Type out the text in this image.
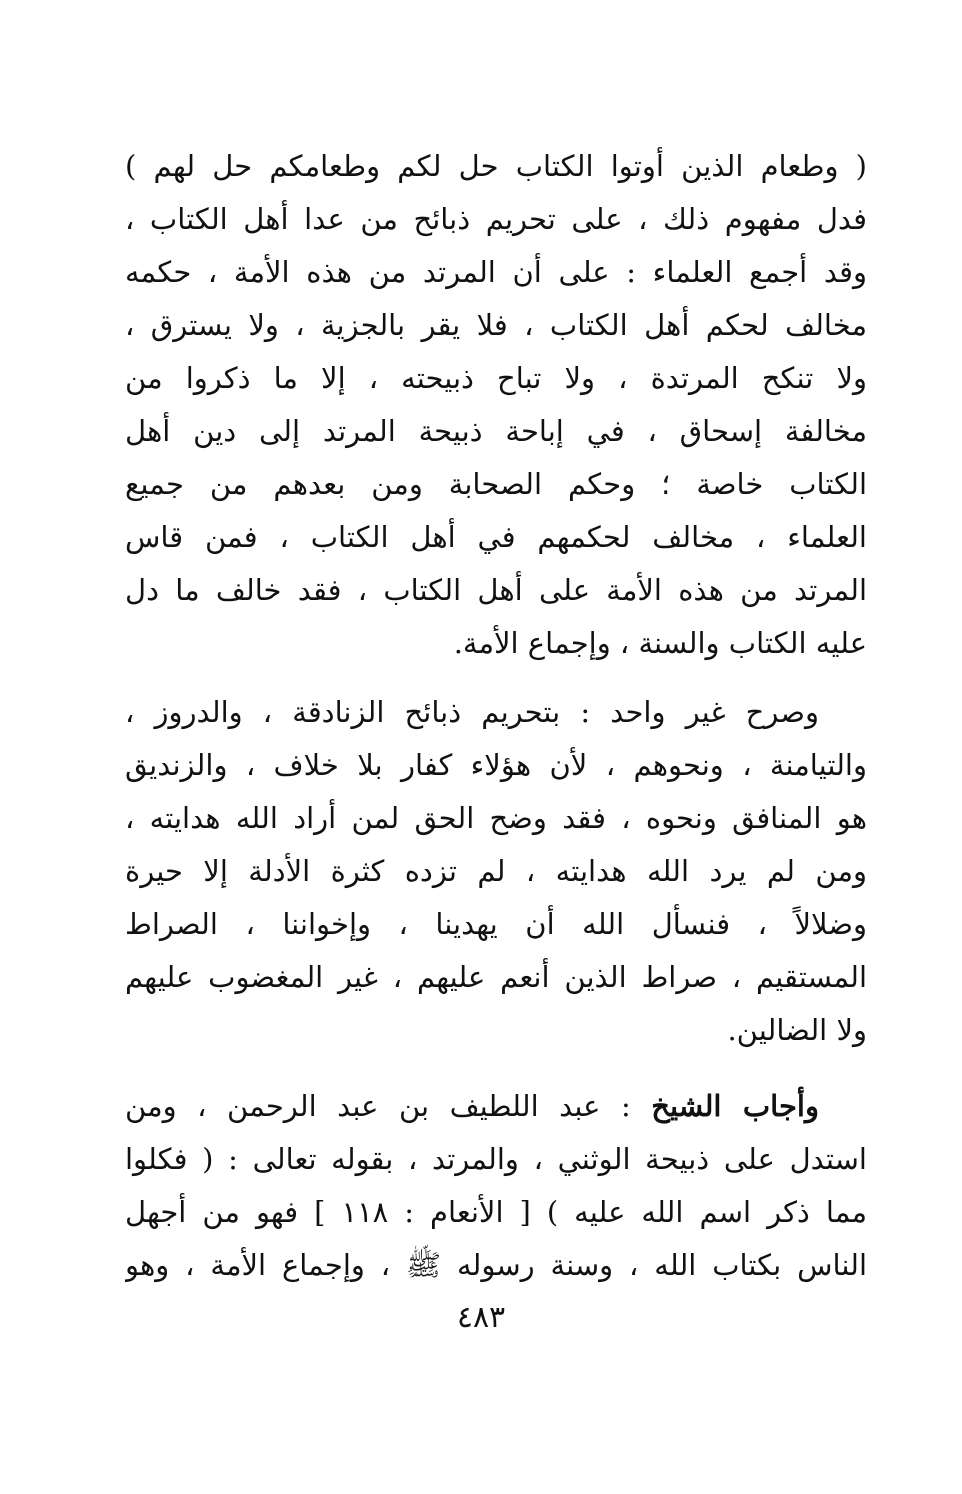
( وطعام الذين أوتوا الكتاب حل لكم وطعامكم حل لهم )
فدل مفهوم ذلك ، على تحريم ذبائح من عدا أهل الكتاب ،
وقد أجمع العلماء : على أن المرتد من هذه الأمة ، حكمه
مخالف لحكم أهل الكتاب ، فلا يقر بالجزية ، ولا يسترق ،
ولا تنكح المرتدة ، ولا تباح ذبيحته ، إلا ما ذكروا من
مخالفة إسحاق ، في إباحة ذبيحة المرتد إلى دين أهل
الكتاب خاصة ؛ وحكم الصحابة ومن بعدهم من جميع
العلماء ، مخالف لحكمهم في أهل الكتاب ، فمن قاس
المرتد من هذه الأمة على أهل الكتاب ، فقد خالف ما دل
عليه الكتاب والسنة ، وإجماع الأمة.
وصرح غير واحد : بتحريم ذبائح الزنادقة ، والدروز ،
والتيامنة ، ونحوهم ، لأن هؤلاء كفار بلا خلاف ، والزنديق
هو المنافق ونحوه ، فقد وضح الحق لمن أراد الله هدايته ،
ومن لم يرد الله هدايته ، لم تزده كثرة الأدلة إلا حيرة
وضلالاً ، فنسأل الله أن يهدينا ، وإخواننا ، الصراط
المستقيم ، صراط الذين أنعم عليهم ، غير المغضوب عليهم
ولا الضالين.
وأجاب الشيخ : عبد اللطيف بن عبد الرحمن ، ومن
استدل على ذبيحة الوثني ، والمرتد ، بقوله تعالى : ( فكلوا
مما ذكر اسم الله عليه ) [ الأنعام : ١١٨ ] فهو من أجهل
الناس بكتاب الله ، وسنة رسوله ﷺ ، وإجماع الأمة ، وهو
٤٨٣
